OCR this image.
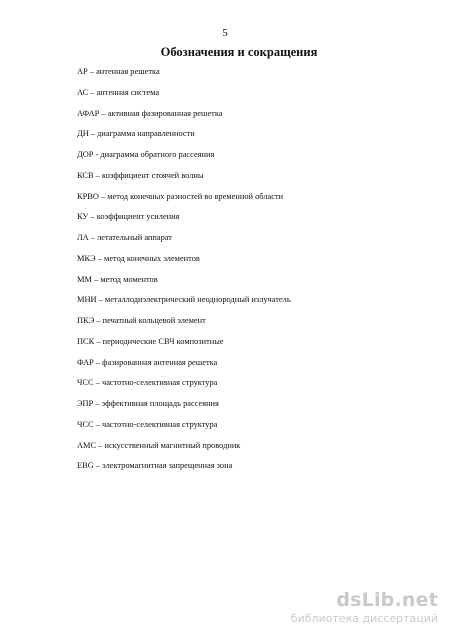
5
Обозначения и сокращения
АР – антенная решетка
АС – антенная система
АФАР – активная фазированная решетка
ДН – диаграмма направленности
ДОР - диаграмма обратного рассеяния
КСВ – коэффициент стоячей волны
КРВО – метод конечных разностей во временной области
КУ – коэффициент усиления
ЛА – летательный аппарат
МКЭ – метод конечных элементов
ММ – метод моментов
МНИ – металлодиэлектрический неоднородный излучатель
ПКЭ – печатный кольцевой элемент
ПСК – периодические СВЧ композитные
ФАР – фазированная антенная решетка
ЧСС – частотно-селективная структура
ЭПР – эффективная площадь рассеяния
ЧСС – частотно-селективная структура
AMC – искусственный магнитный проводник
EBG – электромагнитная запрещенная зона
dsLib.net
библиотека диссертаций
